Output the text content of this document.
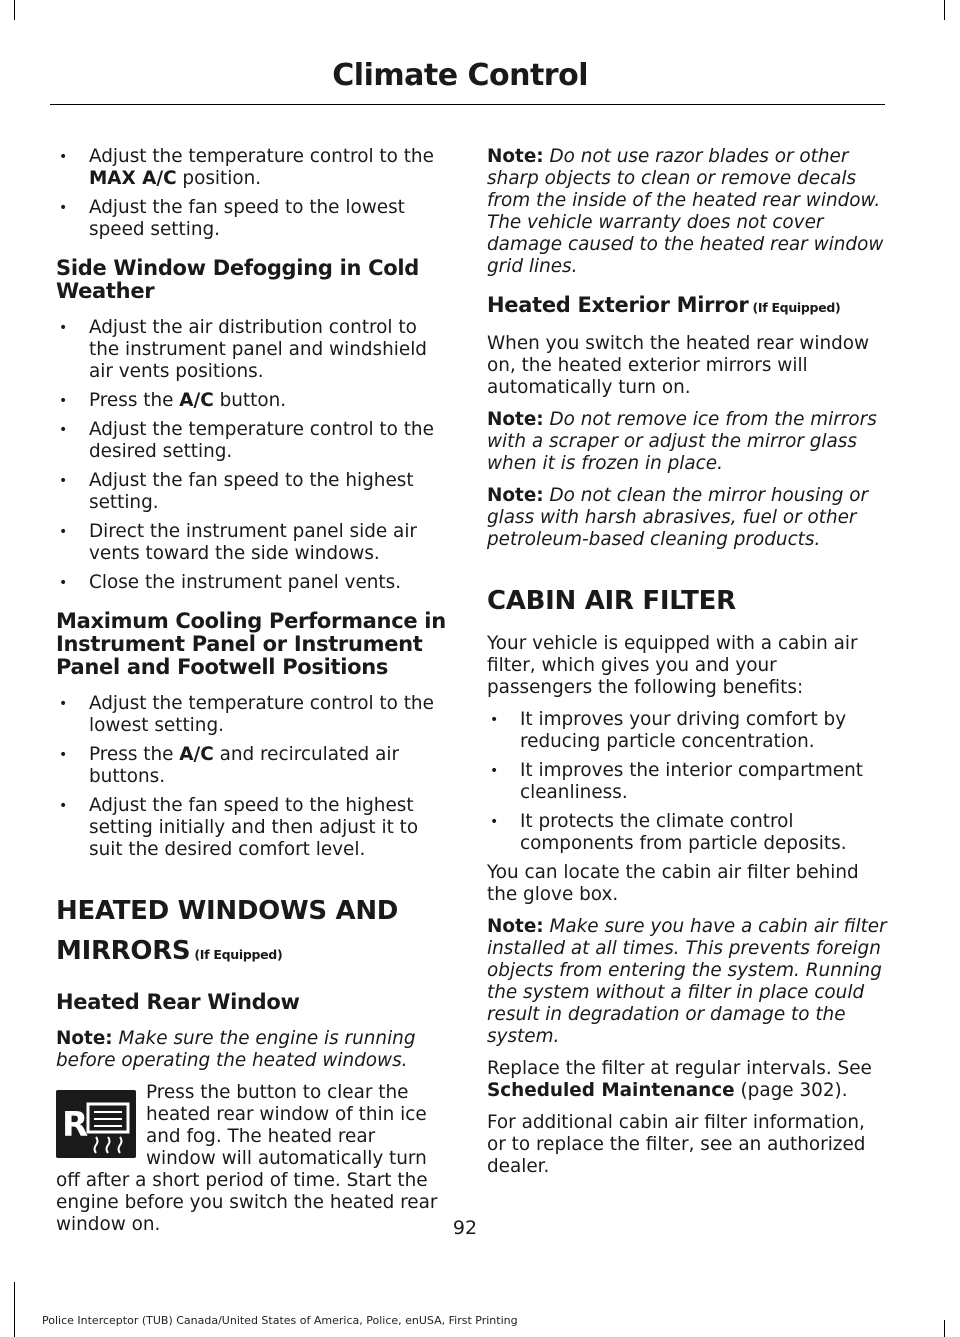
Climate Control
• Adjust the temperature control to the MAX A/C position.
• Adjust the fan speed to the lowest speed setting.
Side Window Defogging in Cold Weather
• Adjust the air distribution control to the instrument panel and windshield air vents positions.
• Press the A/C button.
• Adjust the temperature control to the desired setting.
• Adjust the fan speed to the highest setting.
• Direct the instrument panel side air vents toward the side windows.
• Close the instrument panel vents.
Maximum Cooling Performance in Instrument Panel or Instrument Panel and Footwell Positions
• Adjust the temperature control to the lowest setting.
• Press the A/C and recirculated air buttons.
• Adjust the fan speed to the highest setting initially and then adjust it to suit the desired comfort level.
HEATED WINDOWS AND
MIRRORS (If Equipped)
Heated Rear Window
Note: Make sure the engine is running before operating the heated windows.
R
Press the button to clear the heated rear window of thin ice and fog. The heated rear window will automatically turn off after a short period of time. Start the engine before you switch the heated rear window on.
Note: Do not use razor blades or other sharp objects to clean or remove decals from the inside of the heated rear window. The vehicle warranty does not cover damage caused to the heated rear window grid lines.
Heated Exterior Mirror (If Equipped)
When you switch the heated rear window on, the heated exterior mirrors will automatically turn on.
Note: Do not remove ice from the mirrors with a scraper or adjust the mirror glass when it is frozen in place.
Note: Do not clean the mirror housing or glass with harsh abrasives, fuel or other petroleum-based cleaning products.
CABIN AIR FILTER
Your vehicle is equipped with a cabin air filter, which gives you and your passengers the following benefits:
• It improves your driving comfort by reducing particle concentration.
• It improves the interior compartment cleanliness.
• It protects the climate control components from particle deposits.
You can locate the cabin air filter behind the glove box.
Note: Make sure you have a cabin air filter installed at all times. This prevents foreign objects from entering the system. Running the system without a filter in place could result in degradation or damage to the system.
Replace the filter at regular intervals. See Scheduled Maintenance (page 302).
For additional cabin air filter information, or to replace the filter, see an authorized dealer.
92
Police Interceptor (TUB) Canada/United States of America, Police, enUSA, First Printing
